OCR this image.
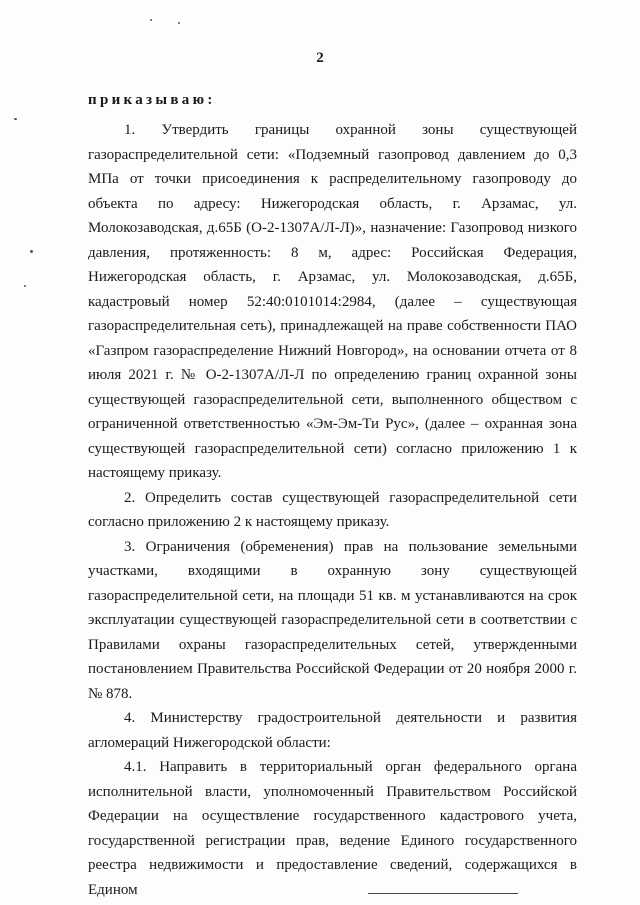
2
приказываю:

1. Утвердить границы охранной зоны существующей газораспределительной сети: «Подземный газопровод давлением до 0,3 МПа от точки присоединения к распределительному газопроводу до объекта по адресу: Нижегородская область, г. Арзамас, ул. Молокозаводская, д.65Б (О-2-1307А/Л-Л)», назначение: Газопровод низкого давления, протяженность: 8 м, адрес: Российская Федерация, Нижегородская область, г. Арзамас, ул. Молокозаводская, д.65Б, кадастровый номер 52:40:0101014:2984, (далее – существующая газораспределительная сеть), принадлежащей на праве собственности ПАО «Газпром газораспределение Нижний Новгород», на основании отчета от 8 июля 2021 г. № О-2-1307А/Л-Л по определению границ охранной зоны существующей газораспределительной сети, выполненного обществом с ограниченной ответственностью «Эм-Эм-Ти Рус», (далее – охранная зона существующей газораспределительной сети) согласно приложению 1 к настоящему приказу.

2. Определить состав существующей газораспределительной сети согласно приложению 2 к настоящему приказу.

3. Ограничения (обременения) прав на пользование земельными участками, входящими в охранную зону существующей газораспределительной сети, на площади 51 кв. м устанавливаются на срок эксплуатации существующей газораспределительной сети в соответствии с Правилами охраны газораспределительных сетей, утвержденными постановлением Правительства Российской Федерации от 20 ноября 2000 г. № 878.

4. Министерству градостроительной деятельности и развития агломераций Нижегородской области:

4.1. Направить в территориальный орган федерального органа исполнительной власти, уполномоченный Правительством Российской Федерации на осуществление государственного кадастрового учета, государственной регистрации прав, ведение Единого государственного реестра недвижимости и предоставление сведений, содержащихся в Едином
